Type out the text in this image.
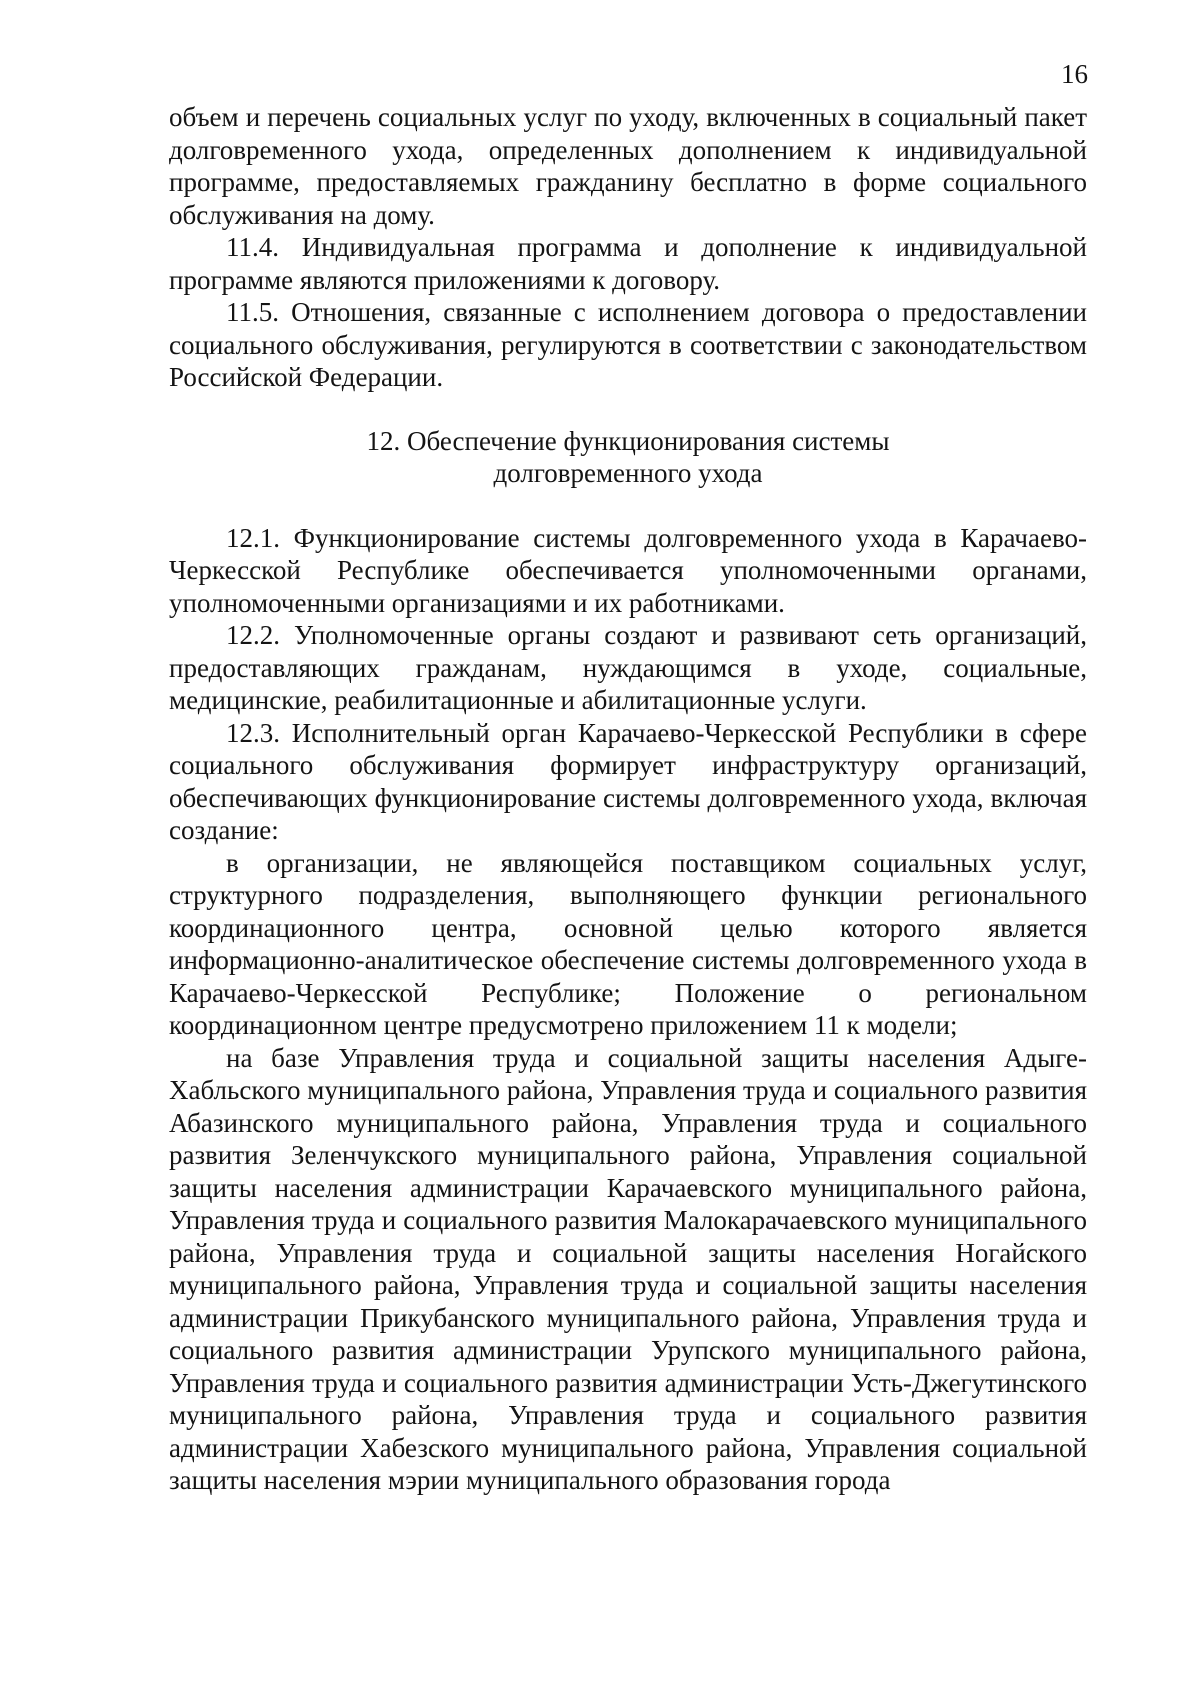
16

объем и перечень социальных услуг по уходу, включенных в социальный пакет долговременного ухода, определенных дополнением к индивидуальной программе, предоставляемых гражданину бесплатно в форме социального обслуживания на дому.

11.4. Индивидуальная программа и дополнение к индивидуальной программе являются приложениями к договору.

11.5. Отношения, связанные с исполнением договора о предоставлении социального обслуживания, регулируются в соответствии с законодательством Российской Федерации.

12. Обеспечение функционирования системы
долговременного ухода

12.1. Функционирование системы долговременного ухода в Карачаево-Черкесской Республике обеспечивается уполномоченными органами, уполномоченными организациями и их работниками.

12.2. Уполномоченные органы создают и развивают сеть организаций, предоставляющих гражданам, нуждающимся в уходе, социальные, медицинские, реабилитационные и абилитационные услуги.

12.3. Исполнительный орган Карачаево-Черкесской Республики в сфере социального обслуживания формирует инфраструктуру организаций, обеспечивающих функционирование системы долговременного ухода, включая создание:

в организации, не являющейся поставщиком социальных услуг, структурного подразделения, выполняющего функции регионального координационного центра, основной целью которого является информационно-аналитическое обеспечение системы долговременного ухода в Карачаево-Черкесской Республике; Положение о региональном координационном центре предусмотрено приложением 11 к модели;

на базе Управления труда и социальной защиты населения Адыге-Хабльского муниципального района, Управления труда и социального развития Абазинского муниципального района, Управления труда и социального развития Зеленчукского муниципального района, Управления социальной защиты населения администрации Карачаевского муниципального района, Управления труда и социального развития Малокарачаевского муниципального района, Управления труда и социальной защиты населения Ногайского муниципального района, Управления труда и социальной защиты населения администрации Прикубанского муниципального района, Управления труда и социального развития администрации Урупского муниципального района, Управления труда и социального развития администрации Усть-Джегутинского муниципального района, Управления труда и социального развития администрации Хабезского муниципального района, Управления социальной защиты населения мэрии муниципального образования города
